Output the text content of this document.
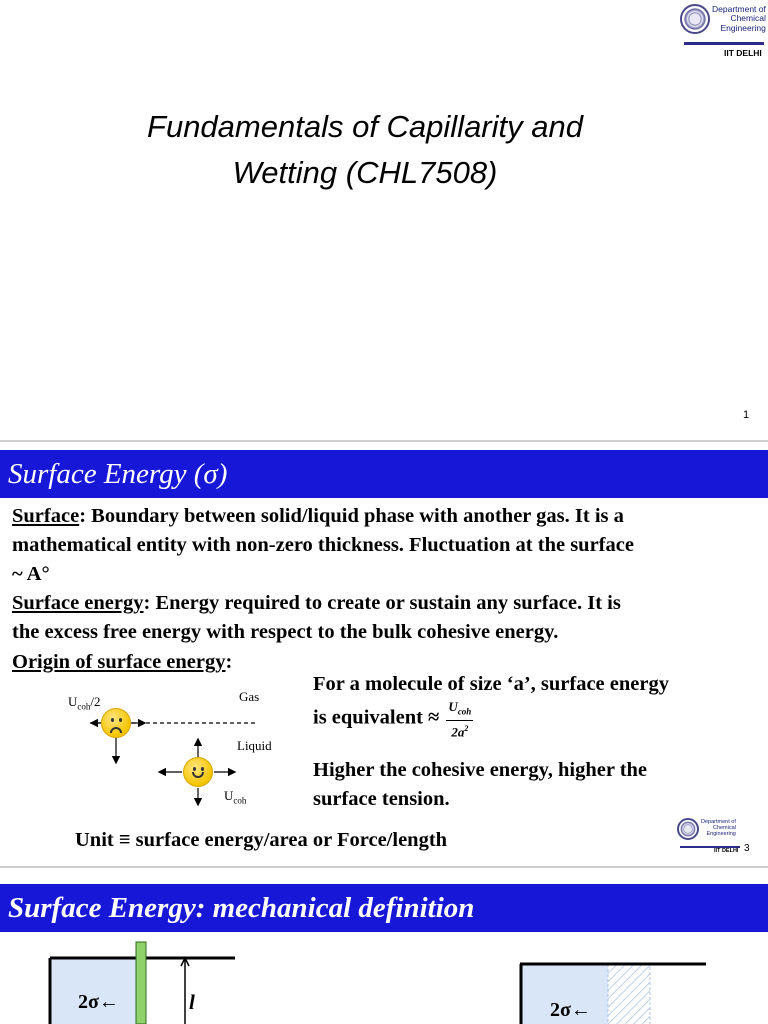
Department of
Chemical
Engineering
IIT DELHI
Fundamentals of Capillarity and
Wetting (CHL7508)
1
Surface Energy (σ)
Surface: Boundary between solid/liquid phase with another gas. It is a
mathematical entity with non-zero thickness. Fluctuation at the surface
~ A°
Surface energy: Energy required to create or sustain any surface. It is
the excess free energy with respect to the bulk cohesive energy.
Origin of surface energy:
$U_{coh}/2$	Gas
Liquid
$U_{coh}$
For a molecule of size ‘a’, surface energy
is equivalent ≈ $\frac{U_{coh}}{2a^2}$
Higher the cohesive energy, higher the
surface tension.
Unit ≡ surface energy/area or Force/length
Department of
Chemical
Engineering
IIT DELHI 3
Surface Energy: mechanical definition
2σ←	l	2σ←
